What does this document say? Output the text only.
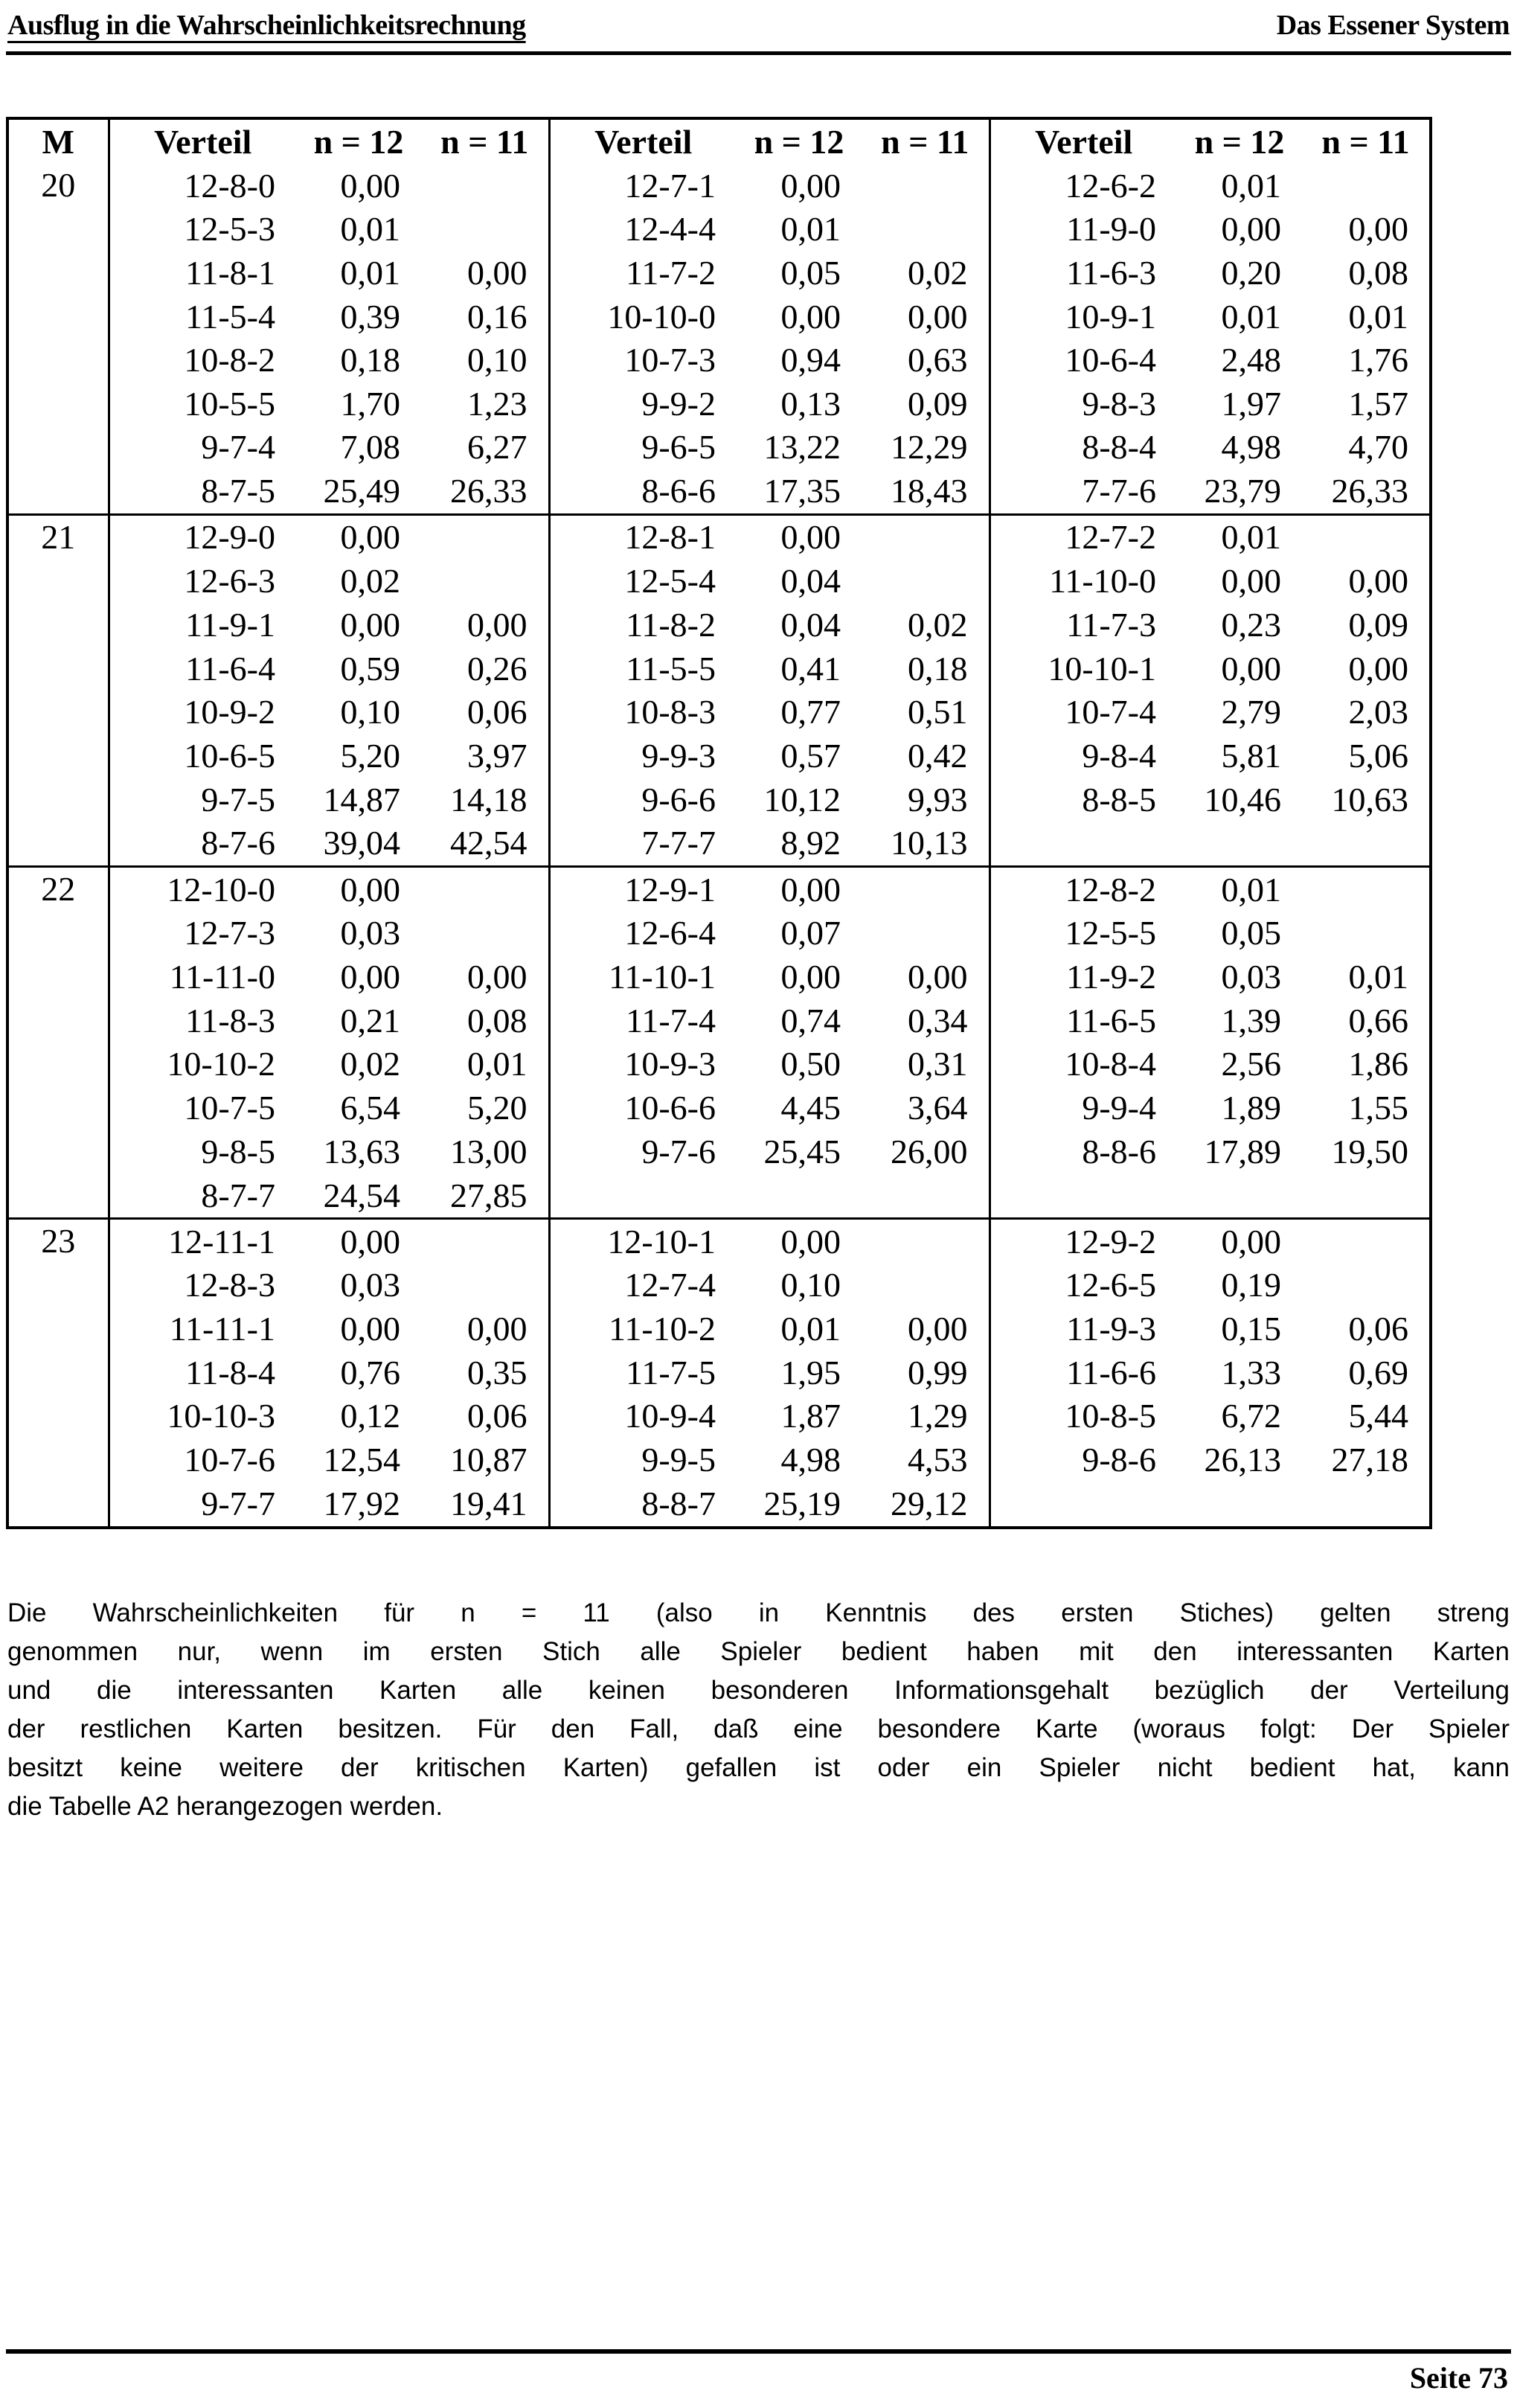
Ausflug in die Wahrscheinlichkeitsrechnung	Das Essener System
M	Verteil	n = 12	n = 11	Verteil	n = 12	n = 11	Verteil	n = 12	n = 11
20	12-8-0	0,00		12-7-1	0,00		12-6-2	0,01	
	12-5-3	0,01		12-4-4	0,01		11-9-0	0,00	0,00
	11-8-1	0,01	0,00	11-7-2	0,05	0,02	11-6-3	0,20	0,08
	11-5-4	0,39	0,16	10-10-0	0,00	0,00	10-9-1	0,01	0,01
	10-8-2	0,18	0,10	10-7-3	0,94	0,63	10-6-4	2,48	1,76
	10-5-5	1,70	1,23	9-9-2	0,13	0,09	9-8-3	1,97	1,57
	9-7-4	7,08	6,27	9-6-5	13,22	12,29	8-8-4	4,98	4,70
	8-7-5	25,49	26,33	8-6-6	17,35	18,43	7-7-6	23,79	26,33
21	12-9-0	0,00		12-8-1	0,00		12-7-2	0,01	
	12-6-3	0,02		12-5-4	0,04		11-10-0	0,00	0,00
	11-9-1	0,00	0,00	11-8-2	0,04	0,02	11-7-3	0,23	0,09
	11-6-4	0,59	0,26	11-5-5	0,41	0,18	10-10-1	0,00	0,00
	10-9-2	0,10	0,06	10-8-3	0,77	0,51	10-7-4	2,79	2,03
	10-6-5	5,20	3,97	9-9-3	0,57	0,42	9-8-4	5,81	5,06
	9-7-5	14,87	14,18	9-6-6	10,12	9,93	8-8-5	10,46	10,63
	8-7-6	39,04	42,54	7-7-7	8,92	10,13			
22	12-10-0	0,00		12-9-1	0,00		12-8-2	0,01	
	12-7-3	0,03		12-6-4	0,07		12-5-5	0,05	
	11-11-0	0,00	0,00	11-10-1	0,00	0,00	11-9-2	0,03	0,01
	11-8-3	0,21	0,08	11-7-4	0,74	0,34	11-6-5	1,39	0,66
	10-10-2	0,02	0,01	10-9-3	0,50	0,31	10-8-4	2,56	1,86
	10-7-5	6,54	5,20	10-6-6	4,45	3,64	9-9-4	1,89	1,55
	9-8-5	13,63	13,00	9-7-6	25,45	26,00	8-8-6	17,89	19,50
	8-7-7	24,54	27,85						
23	12-11-1	0,00		12-10-1	0,00		12-9-2	0,00	
	12-8-3	0,03		12-7-4	0,10		12-6-5	0,19	
	11-11-1	0,00	0,00	11-10-2	0,01	0,00	11-9-3	0,15	0,06
	11-8-4	0,76	0,35	11-7-5	1,95	0,99	11-6-6	1,33	0,69
	10-10-3	0,12	0,06	10-9-4	1,87	1,29	10-8-5	6,72	5,44
	10-7-6	12,54	10,87	9-9-5	4,98	4,53	9-8-6	26,13	27,18
	9-7-7	17,92	19,41	8-8-7	25,19	29,12			
Die Wahrscheinlichkeiten für n = 11 (also in Kenntnis des ersten Stiches) gelten streng
genommen nur, wenn im ersten Stich alle Spieler bedient haben mit den interessanten Karten
und die interessanten Karten alle keinen besonderen Informationsgehalt bezüglich der Verteilung
der restlichen Karten besitzen. Für den Fall, daß eine besondere Karte (woraus folgt: Der Spieler
besitzt keine weitere der kritischen Karten) gefallen ist oder ein Spieler nicht bedient hat, kann
die Tabelle A2 herangezogen werden.
Seite 73
